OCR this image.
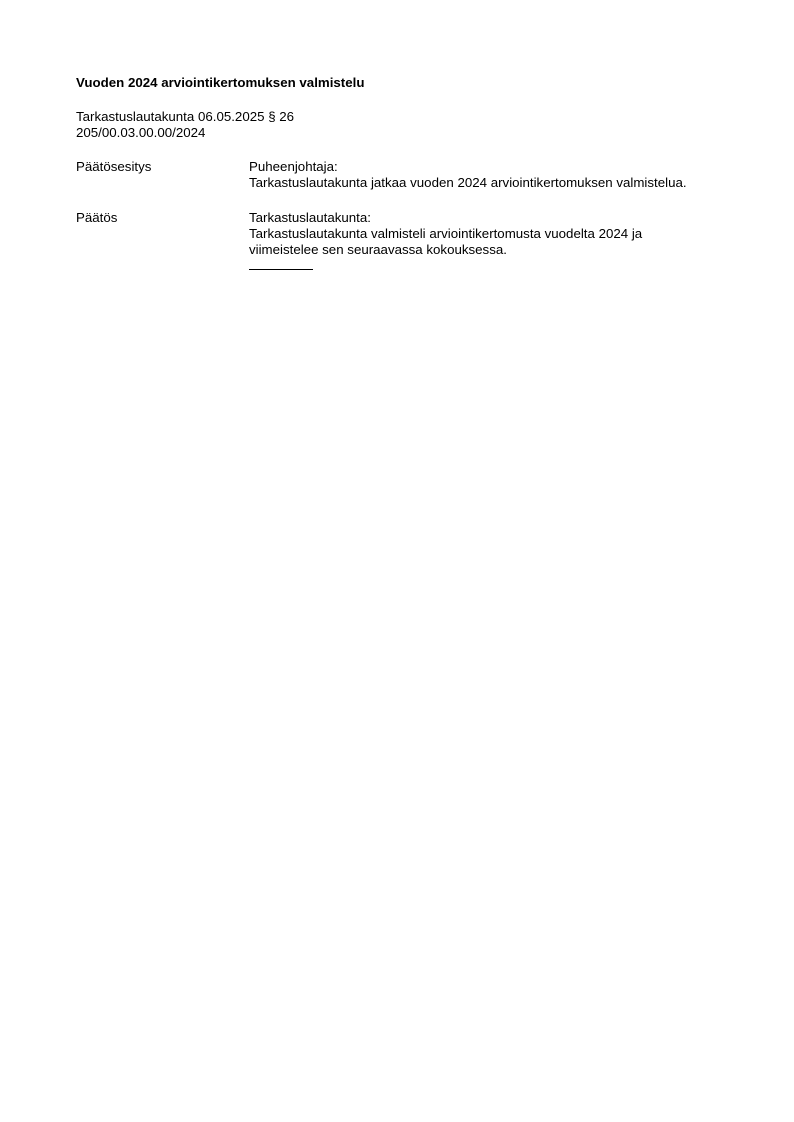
Vuoden 2024 arviointikertomuksen valmistelu
Tarkastuslautakunta 06.05.2025 § 26
205/00.03.00.00/2024
Päätösesitys	Puheenjohtaja:
Tarkastuslautakunta jatkaa vuoden 2024 arviointikertomuksen valmistelua.
Päätös	Tarkastuslautakunta:
Tarkastuslautakunta valmisteli arviointikertomusta vuodelta 2024 ja
viimeistelee sen seuraavassa kokouksessa.
